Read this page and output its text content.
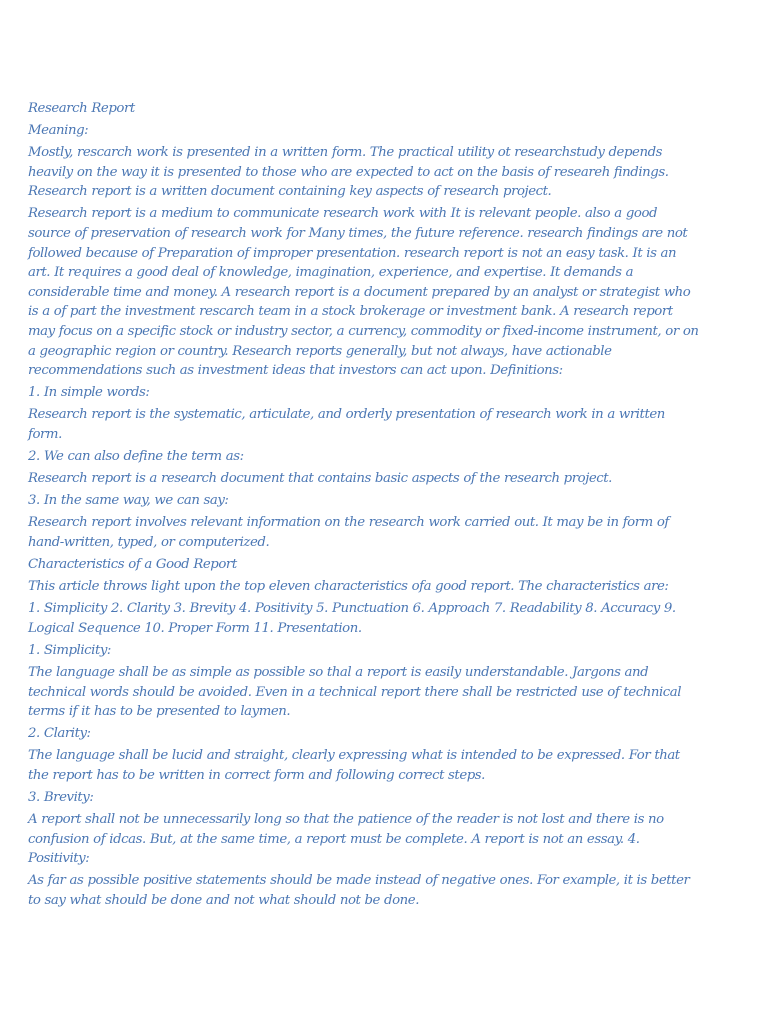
Research Report

Meaning:

Mostly, rescarch work is presented in a written form. The practical utility ot researchstudy depends heavily on the way it is presented to those who are expected to act on the basis of researeh findings. Research report is a written document containing key aspects of research project.

Research report is a medium to communicate research work with It is relevant people. also a good source of preservation of research work for Many times, the future reference. research findings are not followed because of Preparation of improper presentation. research report is not an easy task. It is an art. It requires a good deal of knowledge, imagination, experience, and expertise. It demands a considerable time and money. A research report is a document prepared by an analyst or strategist who is a of part the investment rescarch team in a stock brokerage or investment bank. A research report may focus on a specific stock or industry sector, a currency, commodity or fixed-income instrument, or on a geographic region or country. Research reports generally, but not always, have actionable recommendations such as investment ideas that investors can act upon. Definitions:

1. In simple words:

Research report is the systematic, articulate, and orderly presentation of research work in a written form.

2. We can also define the term as:

Research report is a research document that contains basic aspects of the research project.

3. In the same way, we can say:

Research report involves relevant information on the research work carried out. It may be in form of hand-written, typed, or computerized.

Characteristics of a Good Report

This article throws light upon the top eleven characteristics ofa good report. The characteristics are:

1. Simplicity 2. Clarity 3. Brevity 4. Positivity 5. Punctuation 6. Approach 7. Readability 8. Accuracy 9. Logical Sequence 10. Proper Form 11. Presentation.

1. Simplicity:

The language shall be as simple as possible so thal a report is easily understandable. Jargons and technical words should be avoided. Even in a technical report there shall be restricted use of technical terms if it has to be presented to laymen.

2. Clarity:

The language shall be lucid and straight, clearly expressing what is intended to be expressed. For that the report has to be written in correct form and following correct steps.

3. Brevity:

A report shall not be unnecessarily long so that the patience of the reader is not lost and there is no confusion of idcas. But, at the same time, a report must be complete. A report is not an essay. 4. Positivity:

As far as possible positive statements should be made instead of negative ones. For example, it is better to say what should be done and not what should not be done.
